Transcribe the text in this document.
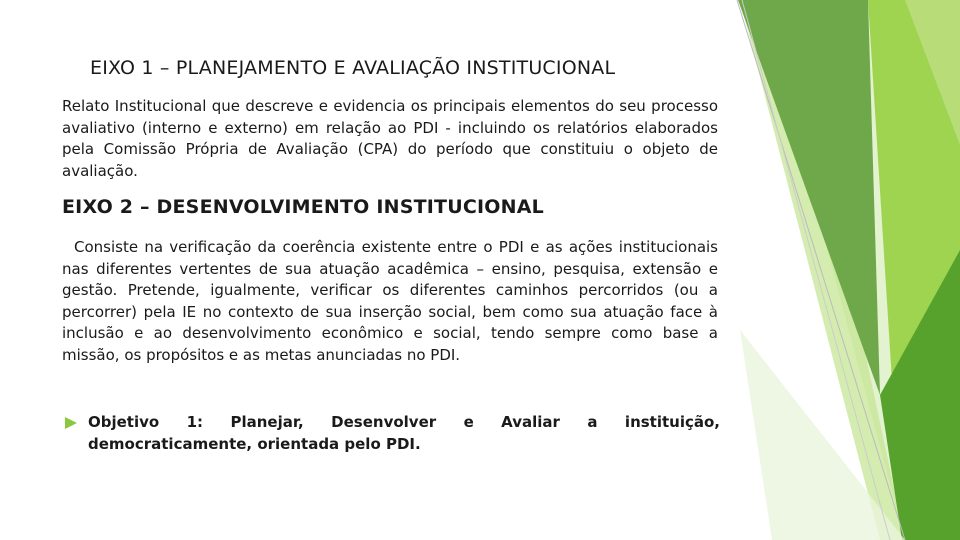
EIXO 1 – PLANEJAMENTO E AVALIAÇÃO INSTITUCIONAL
Relato Institucional que descreve e evidencia os principais elementos do seu processo avaliativo (interno e externo) em relação ao PDI - incluindo os relatórios elaborados pela Comissão Própria de Avaliação (CPA) do período que constituiu o objeto de avaliação.
EIXO 2 – DESENVOLVIMENTO INSTITUCIONAL
Consiste na verificação da coerência existente entre o PDI e as ações institucionais nas diferentes vertentes de sua atuação acadêmica – ensino, pesquisa, extensão e gestão. Pretende, igualmente, verificar os diferentes caminhos percorridos (ou a percorrer) pela IE no contexto de sua inserção social, bem como sua atuação face à inclusão e ao desenvolvimento econômico e social, tendo sempre como base a missão, os propósitos e as metas anunciadas no PDI.
Objetivo 1: Planejar, Desenvolver e Avaliar a instituição, democraticamente, orientada pelo PDI.
